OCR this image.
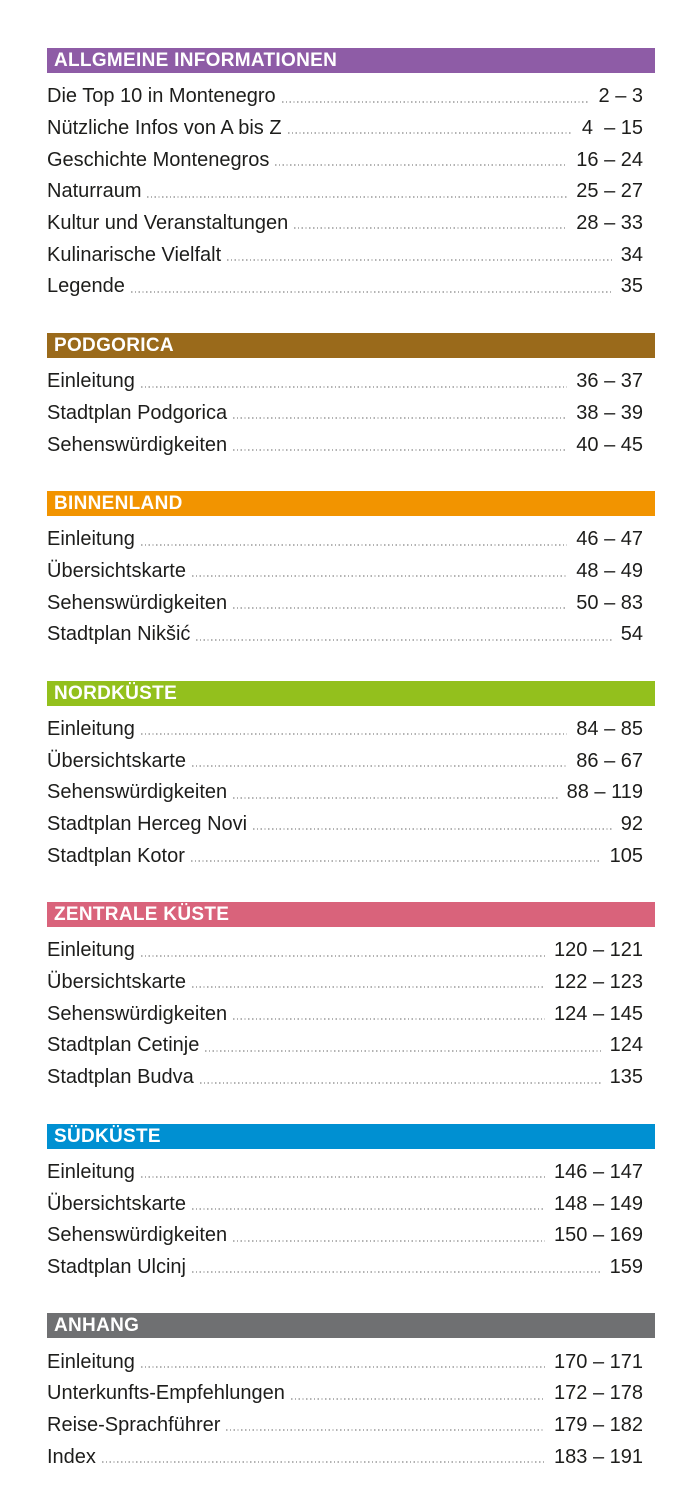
ALLGMEINE INFORMATIONEN
Die Top 10 in Montenegro	2 – 3
Nützliche Infos von A bis Z	4  – 15
Geschichte Montenegros	16 – 24
Naturraum	25 – 27
Kultur und Veranstaltungen	28 – 33
Kulinarische Vielfalt	34
Legende	35
PODGORICA
Einleitung	36 – 37
Stadtplan Podgorica	38 – 39
Sehenswürdigkeiten	40 – 45
BINNENLAND
Einleitung	46 – 47
Übersichtskarte	48 – 49
Sehenswürdigkeiten	50 – 83
Stadtplan Nikšić	54
NORDKÜSTE
Einleitung	84 – 85
Übersichtskarte	86 – 67
Sehenswürdigkeiten	88 – 119
Stadtplan Herceg Novi	92
Stadtplan Kotor	105
ZENTRALE KÜSTE
Einleitung	120 – 121
Übersichtskarte	122 – 123
Sehenswürdigkeiten	124 – 145
Stadtplan Cetinje	124
Stadtplan Budva	135
SÜDKÜSTE
Einleitung	146 – 147
Übersichtskarte	148 – 149
Sehenswürdigkeiten	150 – 169
Stadtplan Ulcinj	159
ANHANG
Einleitung	170 – 171
Unterkunfts-Empfehlungen	172 – 178
Reise-Sprachführer	179 – 182
Index	183 – 191
